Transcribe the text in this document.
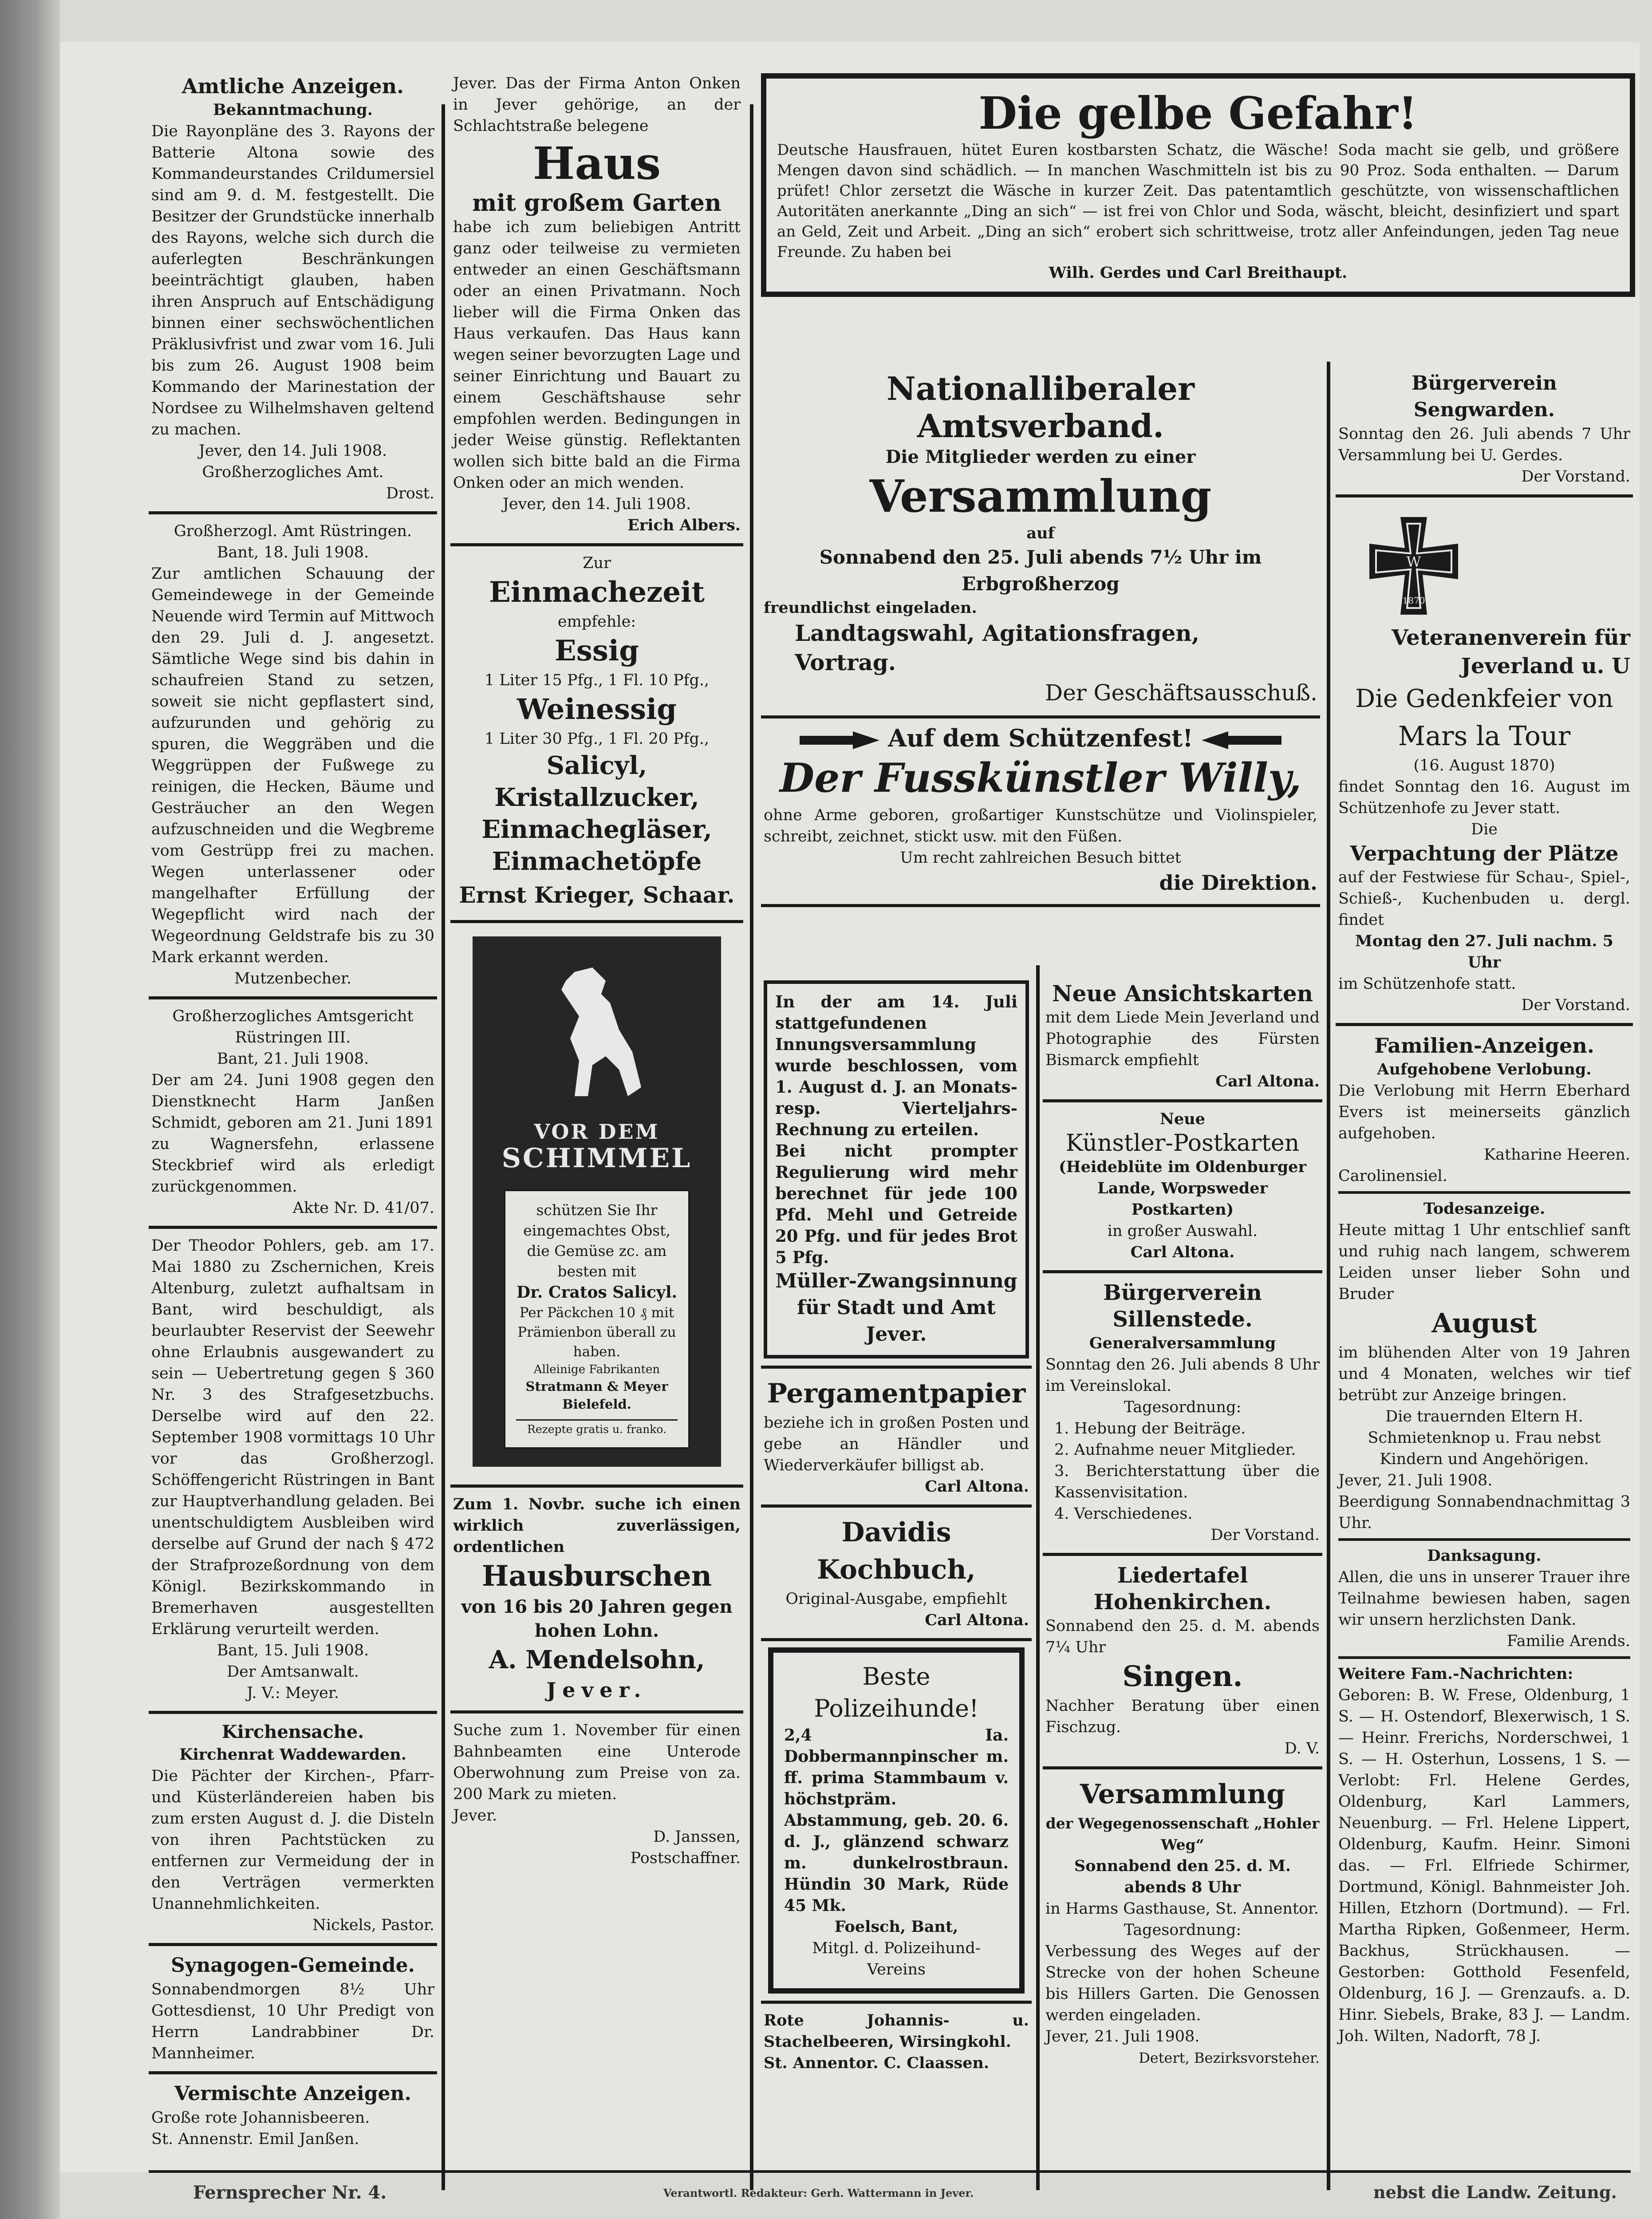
Amtliche Anzeigen.

Bekanntmachung.

Die Rayonpläne des 3. Rayons der Batterie Altona sowie des Kommandeurstandes Crildumersiel sind am 9. d. M. festgestellt. Die Besitzer der Grundstücke innerhalb des Rayons, welche sich durch die auferlegten Beschränkungen beeinträchtigt glauben, haben ihren Anspruch auf Entschädigung binnen einer sechswöchentlichen Präklusivfrist und zwar vom 16. Juli bis zum 26. August 1908 beim Kommando der Marinestation der Nordsee zu Wilhelmshaven geltend zu machen.

Jever, den 14. Juli 1908.

Großherzogliches Amt.

Drost.

Großherzogl. Amt Rüstringen.

Bant, 18. Juli 1908.

Zur amtlichen Schauung der Gemeindewege in der Gemeinde Neuende wird Termin auf Mittwoch den 29. Juli d. J. angesetzt. Sämtliche Wege sind bis dahin in schaufreien Stand zu setzen, soweit sie nicht gepflastert sind, aufzurunden und gehörig zu spuren, die Weggräben und die Weggrüppen der Fußwege zu reinigen, die Hecken, Bäume und Gesträucher an den Wegen aufzuschneiden und die Wegbreme vom Gestrüpp frei zu machen. Wegen unterlassener oder mangelhafter Erfüllung der Wegepflicht wird nach der Wegeordnung Geldstrafe bis zu 30 Mark erkannt werden.

Mutzenbecher.

Großherzogliches Amtsgericht Rüstringen III.

Bant, 21. Juli 1908.

Der am 24. Juni 1908 gegen den Dienstknecht Harm Janßen Schmidt, geboren am 21. Juni 1891 zu Wagnersfehn, erlassene Steckbrief wird als erledigt zurückgenommen.

Akte Nr. D. 41/07.

Der Theodor Pohlers, geb. am 17. Mai 1880 zu Zschernichen, Kreis Altenburg, zuletzt aufhaltsam in Bant, wird beschuldigt, als beurlaubter Reservist der Seewehr ohne Erlaubnis ausgewandert zu sein — Uebertretung gegen § 360 Nr. 3 des Strafgesetzbuchs. Derselbe wird auf den 22. September 1908 vormittags 10 Uhr vor das Großherzogl. Schöffengericht Rüstringen in Bant zur Hauptverhandlung geladen. Bei unentschuldigtem Ausbleiben wird derselbe auf Grund der nach § 472 der Strafprozeßordnung von dem Königl. Bezirkskommando in Bremerhaven ausgestellten Erklärung verurteilt werden.

Bant, 15. Juli 1908.

Der Amtsanwalt.

J. V.: Meyer.

Kirchensache.

Kirchenrat Waddewarden.

Die Pächter der Kirchen-, Pfarr- und Küsterländereien haben bis zum ersten August d. J. die Disteln von ihren Pachtstücken zu entfernen zur Vermeidung der in den Verträgen vermerkten Unannehmlichkeiten.

Nickels, Pastor.

Synagogen-Gemeinde.

Sonnabendmorgen 8½ Uhr Gottesdienst, 10 Uhr Predigt von Herrn Landrabbiner Dr. Mannheimer.

Vermischte Anzeigen.

Große rote Johannisbeeren.

St. Annenstr. Emil Janßen.

Jever. Das der Firma Anton Onken in Jever gehörige, an der Schlachtstraße belegene

Haus

mit großem Garten

habe ich zum beliebigen Antritt ganz oder teilweise zu vermieten entweder an einen Geschäftsmann oder an einen Privatmann. Noch lieber will die Firma Onken das Haus verkaufen. Das Haus kann wegen seiner bevorzugten Lage und seiner Einrichtung und Bauart zu einem Geschäftshause sehr empfohlen werden. Bedingungen in jeder Weise günstig. Reflektanten wollen sich bitte bald an die Firma Onken oder an mich wenden.

Jever, den 14. Juli 1908.

Erich Albers.

Zur

Einmachezeit

empfehle:

Essig

1 Liter 15 Pfg., 1 Fl. 10 Pfg.,

Weinessig

1 Liter 30 Pfg., 1 Fl. 20 Pfg.,

Salicyl,

Kristallzucker,

Einmachegläser,

Einmachetöpfe

Ernst Krieger, Schaar.

VOR DEM

SCHIMMEL

schützen Sie Ihr eingemachtes Obst, die Gemüse zc. am besten mit

Dr. Cratos Salicyl.

Per Päckchen 10 ₰ mit Prämienbon überall zu haben.

Alleinige Fabrikanten

Stratmann & Meyer Bielefeld.

Rezepte gratis u. franko.

Zum 1. Novbr. suche ich einen wirklich zuverlässigen, ordentlichen

Hausburschen

von 16 bis 20 Jahren gegen hohen Lohn.

A. Mendelsohn,

Jever.

Suche zum 1. November für einen Bahnbeamten eine Unterode Oberwohnung zum Preise von za. 200 Mark zu mieten.

Jever.

D. Janssen,

Postschaffner.

Die gelbe Gefahr!

Deutsche Hausfrauen, hütet Euren kostbarsten Schatz, die Wäsche! Soda macht sie gelb, und größere Mengen davon sind schädlich. — In manchen Waschmitteln ist bis zu 90 Proz. Soda enthalten. — Darum prüfet! Chlor zersetzt die Wäsche in kurzer Zeit. Das patentamtlich geschützte, von wissenschaftlichen Autoritäten anerkannte „Ding an sich“ — ist frei von Chlor und Soda, wäscht, bleicht, desinfiziert und spart an Geld, Zeit und Arbeit. „Ding an sich“ erobert sich schrittweise, trotz aller Anfeindungen, jeden Tag neue Freunde. Zu haben bei

Wilh. Gerdes und Carl Breithaupt.

Nationalliberaler Amtsverband.

Die Mitglieder werden zu einer

Versammlung

auf

Sonnabend den 25. Juli abends 7½ Uhr im Erbgroßherzog

freundlichst eingeladen.

Landtagswahl, Agitationsfragen,

Vortrag.

Der Geschäftsausschuß.

Auf dem Schützenfest!

Der Fusskünstler Willy,

ohne Arme geboren, großartiger Kunstschütze und Violinspieler, schreibt, zeichnet, stickt usw. mit den Füßen.

Um recht zahlreichen Besuch bittet

die Direktion.

In der am 14. Juli stattgefundenen Innungsversammlung wurde beschlossen, vom 1. August d. J. an Monats- resp. Vierteljahrs-Rechnung zu erteilen.

Bei nicht prompter Regulierung wird mehr berechnet für jede 100 Pfd. Mehl und Getreide 20 Pfg. und für jedes Brot 5 Pfg.

Müller-Zwangsinnung für Stadt und Amt Jever.

Pergamentpapier

beziehe ich in großen Posten und gebe an Händler und Wiederverkäufer billigst ab.

Carl Altona.

Davidis Kochbuch,

Original-Ausgabe, empfiehlt

Carl Altona.

Beste Polizeihunde!

2,4 Ia. Dobbermannpinscher m. ff. prima Stammbaum v. höchstpräm. Abstammung, geb. 20. 6. d. J., glänzend schwarz m. dunkelrostbraun. Hündin 30 Mark, Rüde 45 Mk.

Foelsch, Bant,

Mitgl. d. Polizeihund-Vereins

Rote Johannis- u. Stachelbeeren, Wirsingkohl.

St. Annentor. C. Claassen.

Neue Ansichtskarten

mit dem Liede Mein Jeverland und Photographie des Fürsten Bismarck empfiehlt

Carl Altona.

Neue

Künstler-Postkarten

(Heideblüte im Oldenburger Lande, Worpsweder Postkarten)

in großer Auswahl.

Carl Altona.

Bürgerverein Sillenstede.

Generalversammlung

Sonntag den 26. Juli abends 8 Uhr im Vereinslokal.

Tagesordnung:

1. Hebung der Beiträge.

2. Aufnahme neuer Mitglieder.

3. Berichterstattung über die Kassenvisitation.

4. Verschiedenes.

Der Vorstand.

Liedertafel Hohenkirchen.

Sonnabend den 25. d. M. abends 7¼ Uhr

Singen.

Nachher Beratung über einen Fischzug.

D. V.

Versammlung

der Wegegenossenschaft „Hohler Weg“

Sonnabend den 25. d. M. abends 8 Uhr

in Harms Gasthause, St. Annentor.

Tagesordnung:

Verbessung des Weges auf der Strecke von der hohen Scheune bis Hillers Garten. Die Genossen werden eingeladen.

Jever, 21. Juli 1908.

Detert, Bezirksvorsteher.

Bürgerverein Sengwarden.

Sonntag den 26. Juli abends 7 Uhr Versammlung bei U. Gerdes.

Der Vorstand.

W
1870

Veteranenverein für Jeverland u. U

Die Gedenkfeier von

Mars la Tour

(16. August 1870)

findet Sonntag den 16. August im Schützenhofe zu Jever statt.

Die

Verpachtung der Plätze

auf der Festwiese für Schau-, Spiel-, Schieß-, Kuchenbuden u. dergl. findet

Montag den 27. Juli nachm. 5 Uhr

im Schützenhofe statt.

Der Vorstand.

Familien-Anzeigen.

Aufgehobene Verlobung.

Die Verlobung mit Herrn Eberhard Evers ist meinerseits gänzlich aufgehoben.

Katharine Heeren.

Carolinensiel.

Todesanzeige.

Heute mittag 1 Uhr entschlief sanft und ruhig nach langem, schwerem Leiden unser lieber Sohn und Bruder

August

im blühenden Alter von 19 Jahren und 4 Monaten, welches wir tief betrübt zur Anzeige bringen.

Die trauernden Eltern H. Schmietenknop u. Frau nebst Kindern und Angehörigen.

Jever, 21. Juli 1908.

Beerdigung Sonnabendnachmittag 3 Uhr.

Danksagung.

Allen, die uns in unserer Trauer ihre Teilnahme bewiesen haben, sagen wir unsern herzlichsten Dank.

Familie Arends.

Weitere Fam.-Nachrichten:

Geboren: B. W. Frese, Oldenburg, 1 S. — H. Ostendorf, Blexerwisch, 1 S. — Heinr. Frerichs, Norderschwei, 1 S. — H. Osterhun, Lossens, 1 S. — Verlobt: Frl. Helene Gerdes, Oldenburg, Karl Lammers, Neuenburg. — Frl. Helene Lippert, Oldenburg, Kaufm. Heinr. Simoni das. — Frl. Elfriede Schirmer, Dortmund, Königl. Bahnmeister Joh. Hillen, Etzhorn (Dortmund). — Frl. Martha Ripken, Goßenmeer, Herm. Backhus, Strückhausen. — Gestorben: Gotthold Fesenfeld, Oldenburg, 16 J. — Grenzaufs. a. D. Hinr. Siebels, Brake, 83 J. — Landm. Joh. Wilten, Nadorft, 78 J.

Fernsprecher Nr. 4.	Verantwortl. Redakteur: Gerh. Wattermann in Jever.	nebst die Landw. Zeitung.
